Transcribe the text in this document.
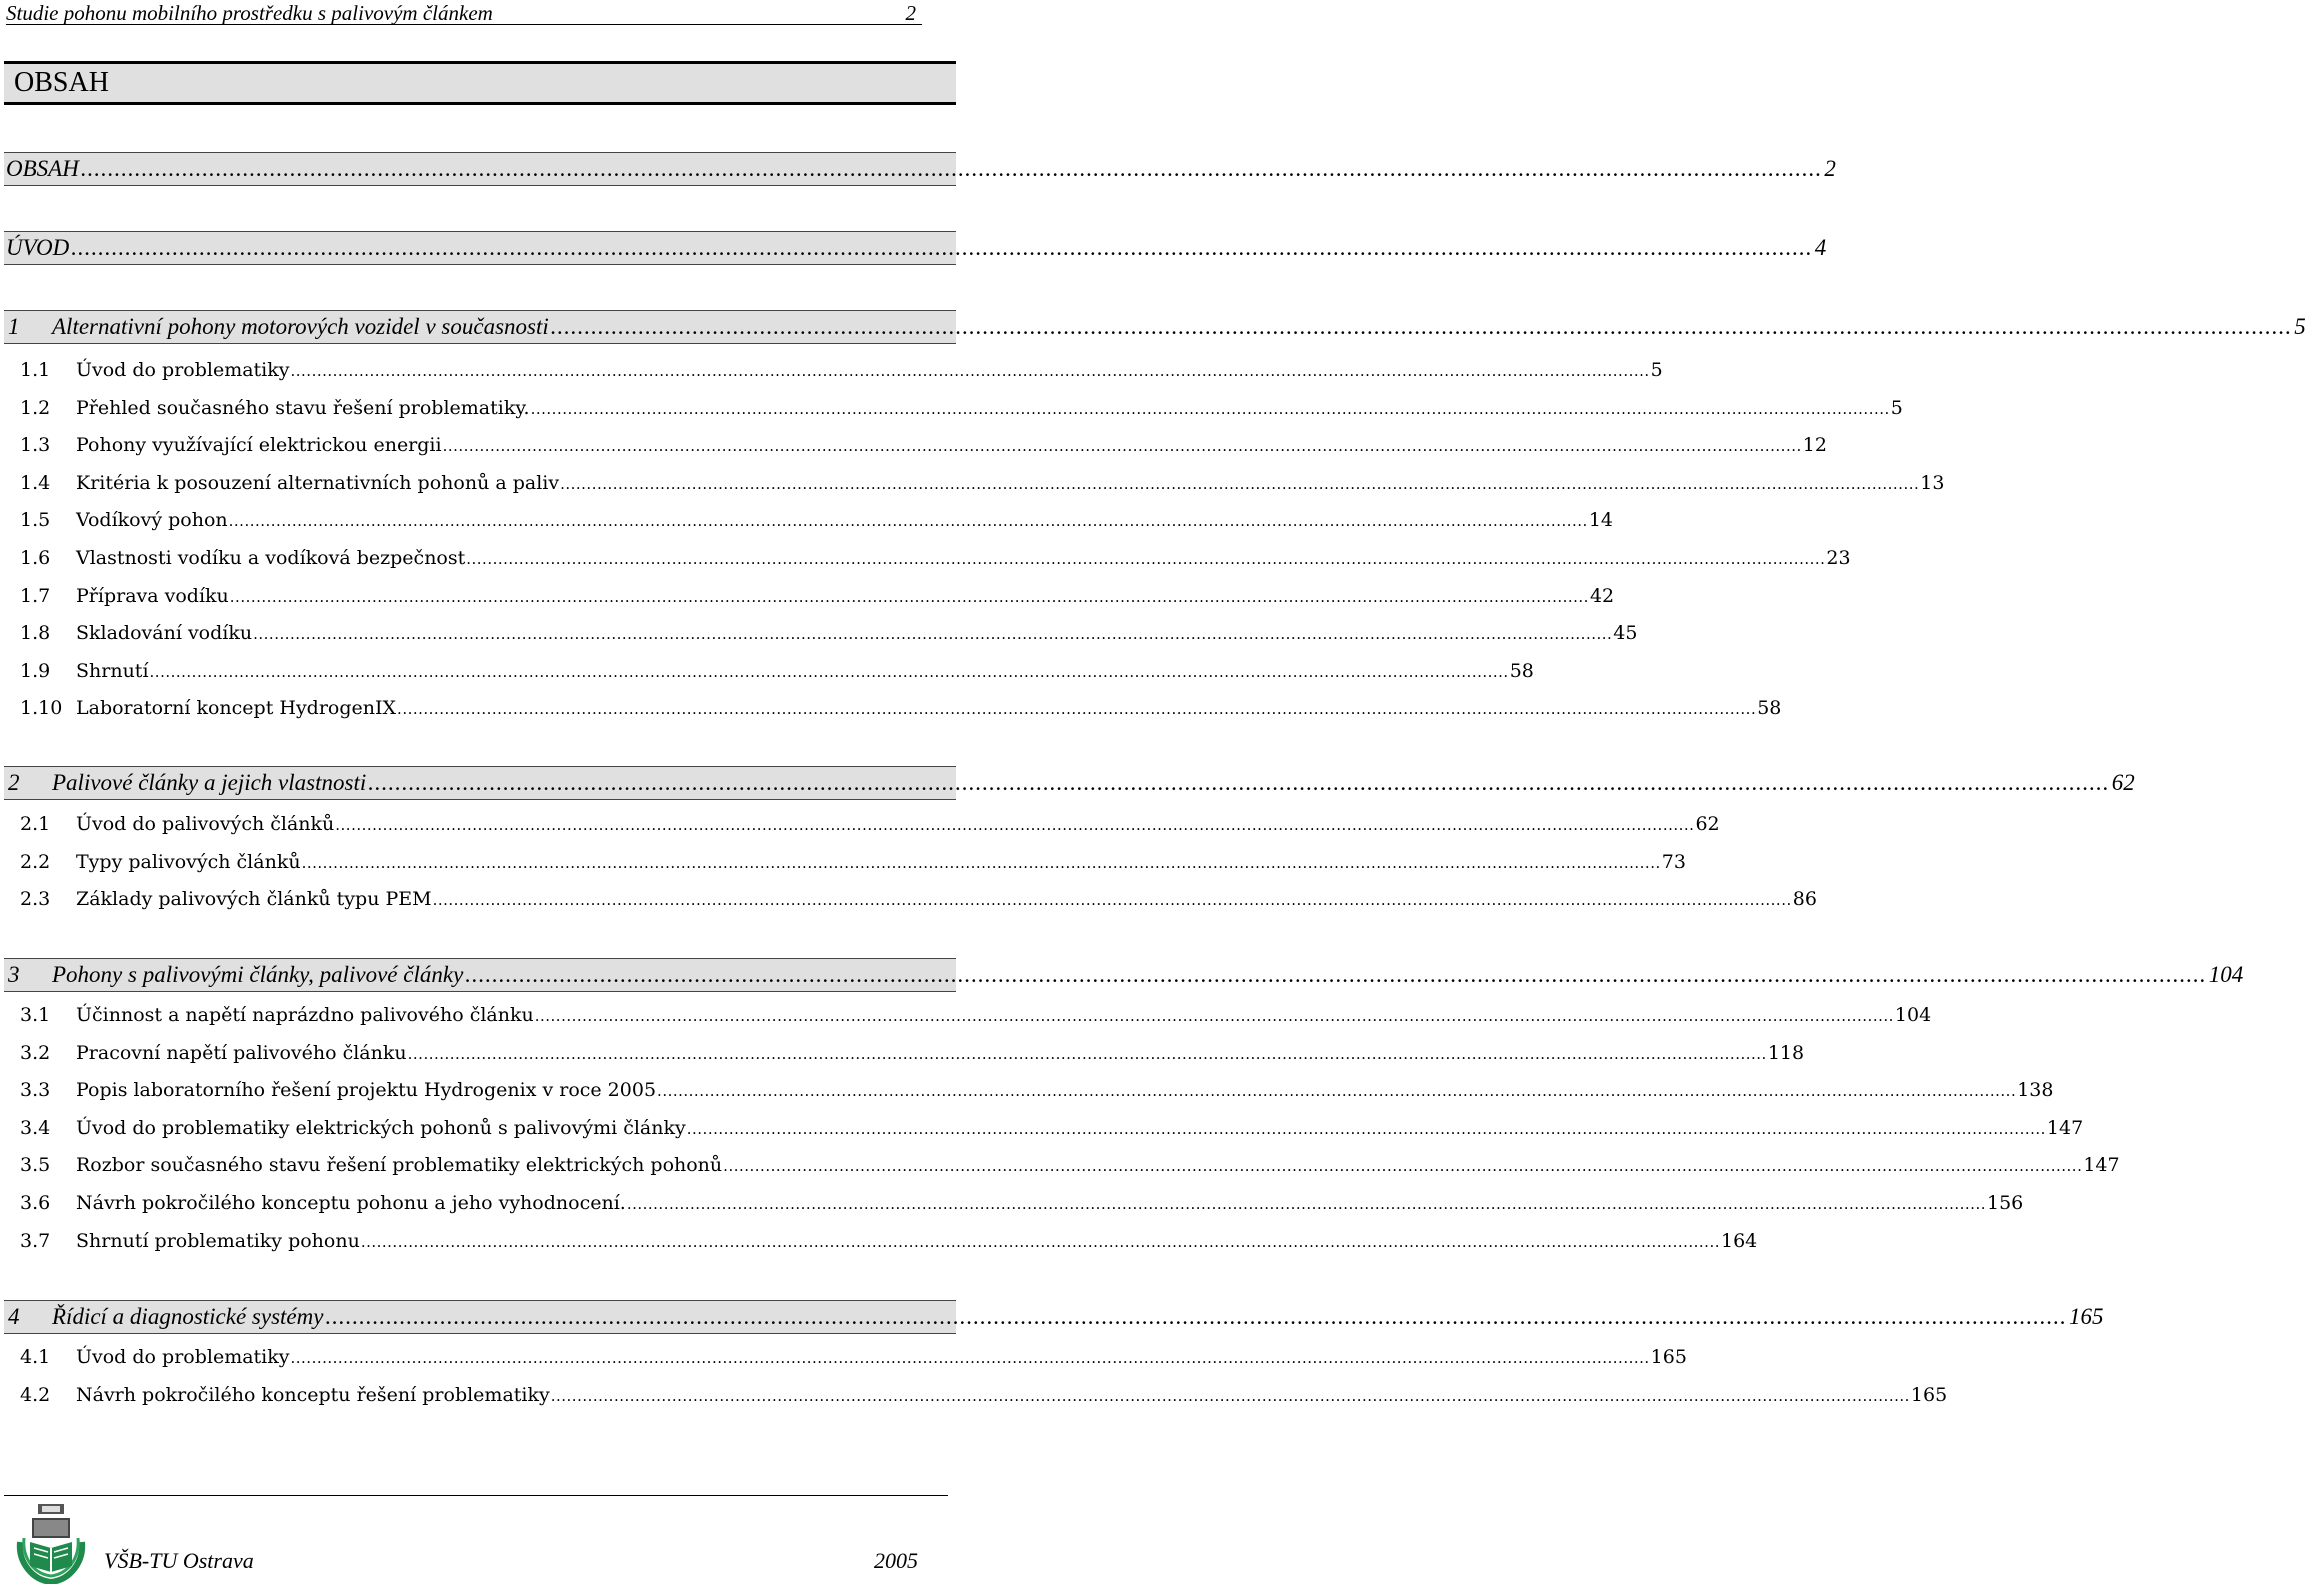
Studie pohonu mobilního prostředku s palivovým článkem	2
OBSAH
OBSAH .................................................................................................................................................................................................................................................................. 2
ÚVOD .................................................................................................................................................................................................................................................................. 4
1	Alternativní pohony motorových vozidel v současnosti .................................................................................................................................................................................................................................................................. 5
1.1	Úvod do problematiky .................................................................................................................................................................................................................................................................. 5
1.2	Přehled současného stavu řešení problematiky. .................................................................................................................................................................................................................................................................. 5
1.3	Pohony využívající elektrickou energii .................................................................................................................................................................................................................................................................. 12
1.4	Kritéria k posouzení alternativních pohonů a paliv .................................................................................................................................................................................................................................................................. 13
1.5	Vodíkový pohon .................................................................................................................................................................................................................................................................. 14
1.6	Vlastnosti vodíku a vodíková bezpečnost .................................................................................................................................................................................................................................................................. 23
1.7	Příprava vodíku .................................................................................................................................................................................................................................................................. 42
1.8	Skladování vodíku .................................................................................................................................................................................................................................................................. 45
1.9	Shrnutí .................................................................................................................................................................................................................................................................. 58
1.10 Laboratorní koncept HydrogenIX .................................................................................................................................................................................................................................................................. 58
2	Palivové články a jejich vlastnosti .................................................................................................................................................................................................................................................................. 62
2.1	Úvod do palivových článků .................................................................................................................................................................................................................................................................. 62
2.2	Typy palivových článků .................................................................................................................................................................................................................................................................. 73
2.3	Základy palivových článků typu PEM .................................................................................................................................................................................................................................................................. 86
3	Pohony s palivovými články, palivové články .................................................................................................................................................................................................................................................................. 104
3.1	Účinnost a napětí naprázdno palivového článku .................................................................................................................................................................................................................................................................. 104
3.2	Pracovní napětí palivového článku .................................................................................................................................................................................................................................................................. 118
3.3	Popis laboratorního řešení projektu Hydrogenix v roce 2005 .................................................................................................................................................................................................................................................................. 138
3.4	Úvod do problematiky elektrických pohonů s palivovými články .................................................................................................................................................................................................................................................................. 147
3.5	Rozbor současného stavu řešení problematiky elektrických pohonů .................................................................................................................................................................................................................................................................. 147
3.6	Návrh pokročilého konceptu pohonu a jeho vyhodnocení. .................................................................................................................................................................................................................................................................. 156
3.7	Shrnutí problematiky pohonu .................................................................................................................................................................................................................................................................. 164
4	Řídicí a diagnostické systémy .................................................................................................................................................................................................................................................................. 165
4.1	Úvod do problematiky .................................................................................................................................................................................................................................................................. 165
4.2	Návrh pokročilého konceptu řešení problematiky .................................................................................................................................................................................................................................................................. 165
VŠB-TU Ostrava	2005
